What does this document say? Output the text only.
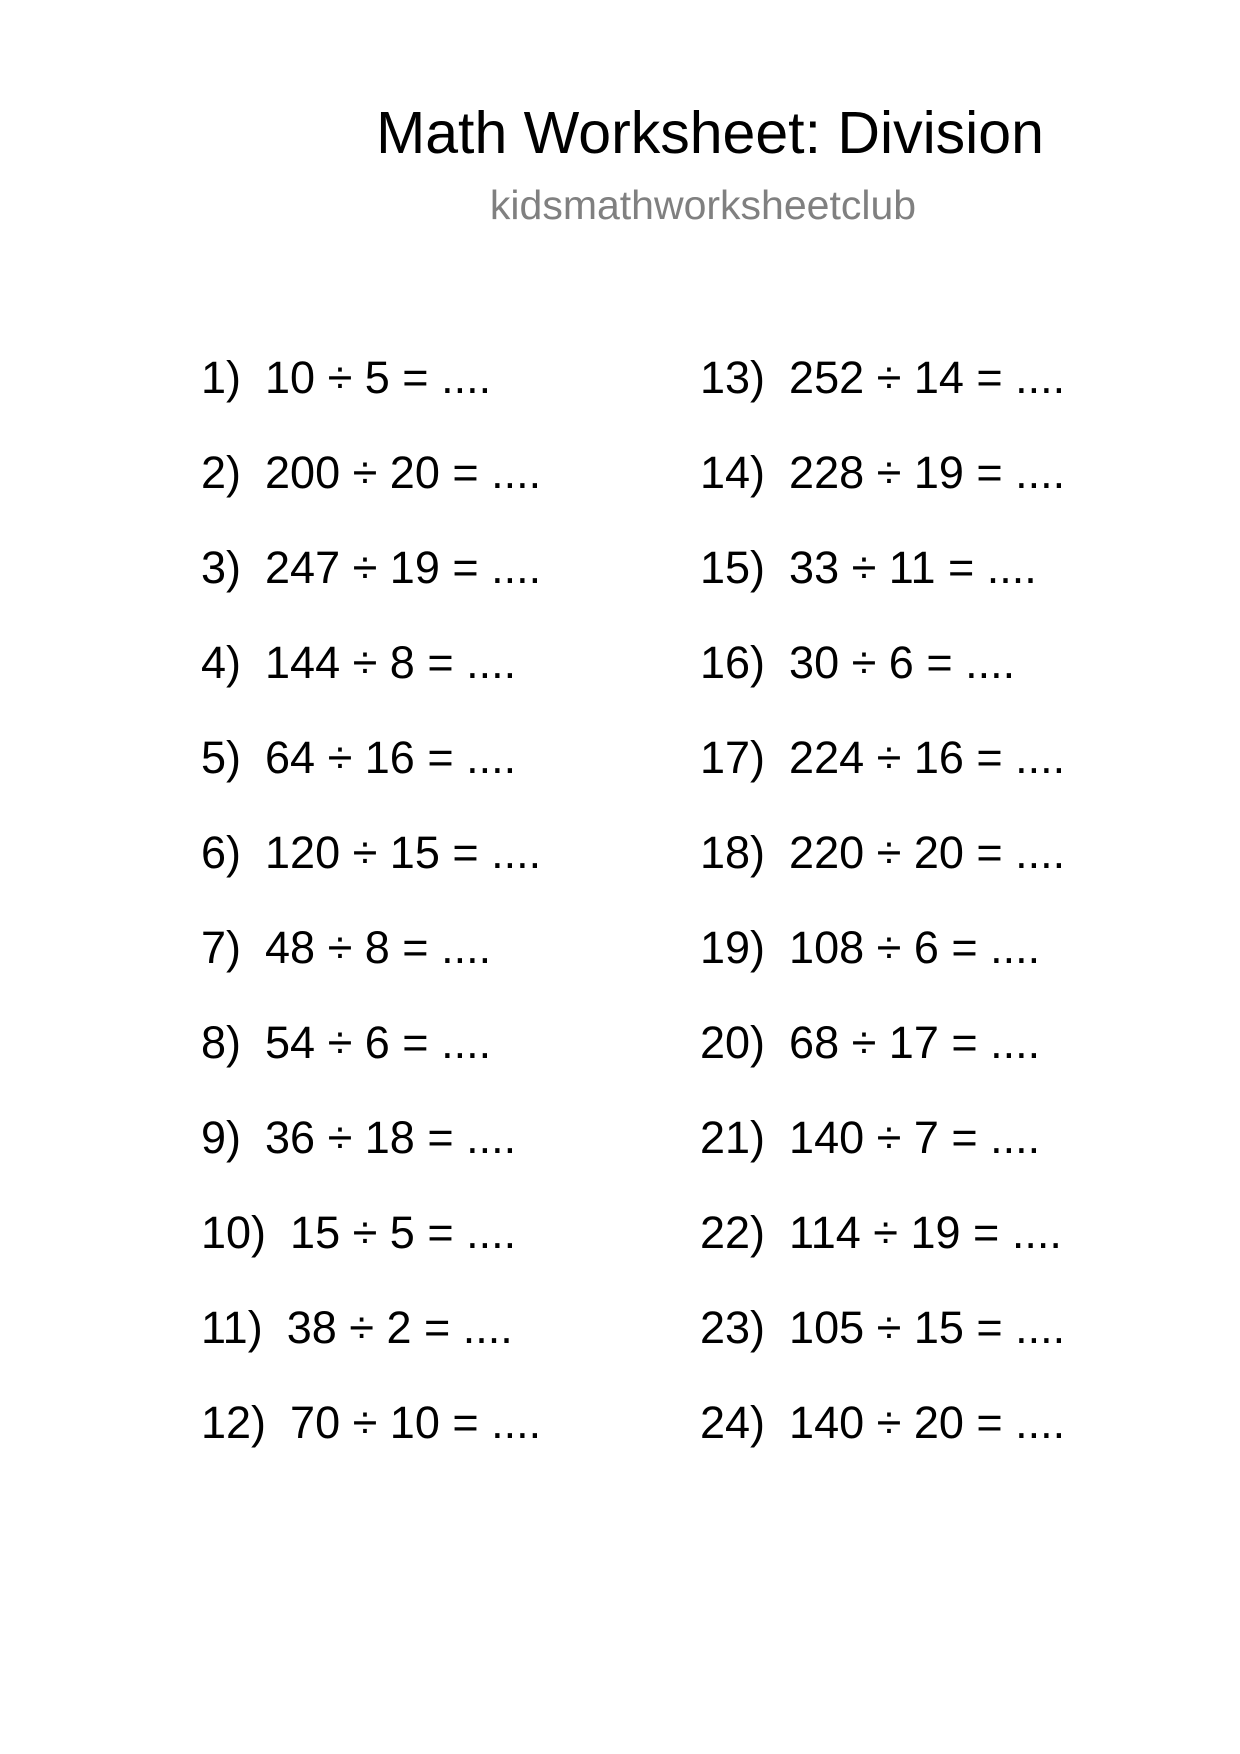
Math Worksheet: Division
kidsmathworksheetclub
1) 10 ÷ 5 = ....
2) 200 ÷ 20 = ....
3) 247 ÷ 19 = ....
4) 144 ÷ 8 = ....
5) 64 ÷ 16 = ....
6) 120 ÷ 15 = ....
7) 48 ÷ 8 = ....
8) 54 ÷ 6 = ....
9) 36 ÷ 18 = ....
10) 15 ÷ 5 = ....
11) 38 ÷ 2 = ....
12) 70 ÷ 10 = ....
13) 252 ÷ 14 = ....
14) 228 ÷ 19 = ....
15) 33 ÷ 11 = ....
16) 30 ÷ 6 = ....
17) 224 ÷ 16 = ....
18) 220 ÷ 20 = ....
19) 108 ÷ 6 = ....
20) 68 ÷ 17 = ....
21) 140 ÷ 7 = ....
22) 114 ÷ 19 = ....
23) 105 ÷ 15 = ....
24) 140 ÷ 20 = ....
